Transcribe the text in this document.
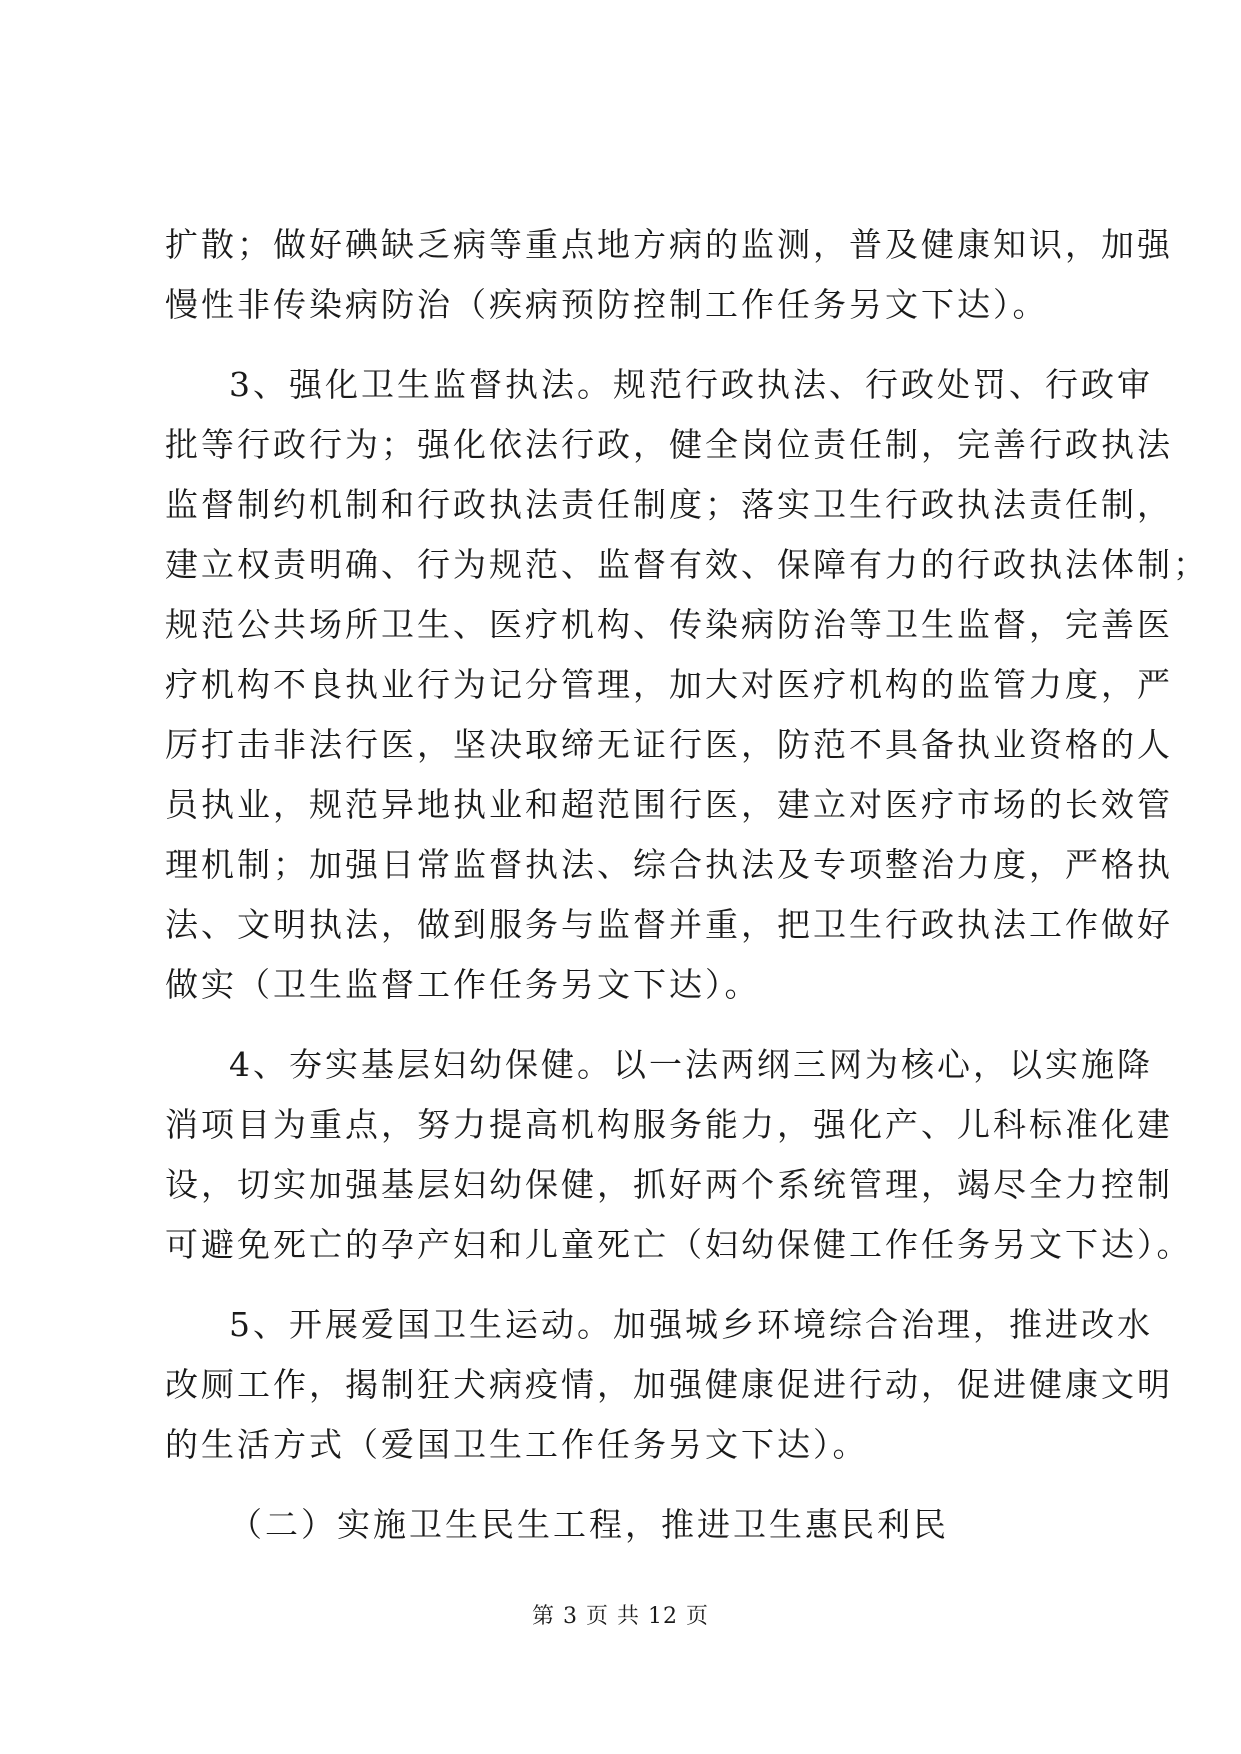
扩散；做好碘缺乏病等重点地方病的监测，普及健康知识，加强
慢性非传染病防治（疾病预防控制工作任务另文下达）。
3、强化卫生监督执法。规范行政执法、行政处罚、行政审
批等行政行为；强化依法行政，健全岗位责任制，完善行政执法
监督制约机制和行政执法责任制度；落实卫生行政执法责任制，
建立权责明确、行为规范、监督有效、保障有力的行政执法体制；
规范公共场所卫生、医疗机构、传染病防治等卫生监督，完善医
疗机构不良执业行为记分管理，加大对医疗机构的监管力度，严
厉打击非法行医，坚决取缔无证行医，防范不具备执业资格的人
员执业，规范异地执业和超范围行医，建立对医疗市场的长效管
理机制；加强日常监督执法、综合执法及专项整治力度，严格执
法、文明执法，做到服务与监督并重，把卫生行政执法工作做好
做实（卫生监督工作任务另文下达）。
4、夯实基层妇幼保健。以一法两纲三网为核心，以实施降
消项目为重点，努力提高机构服务能力，强化产、儿科标准化建
设，切实加强基层妇幼保健，抓好两个系统管理，竭尽全力控制
可避免死亡的孕产妇和儿童死亡（妇幼保健工作任务另文下达）。
5、开展爱国卫生运动。加强城乡环境综合治理，推进改水
改厕工作，揭制狂犬病疫情，加强健康促进行动，促进健康文明
的生活方式（爱国卫生工作任务另文下达）。
（二）实施卫生民生工程，推进卫生惠民利民
第 3 页 共 12 页
